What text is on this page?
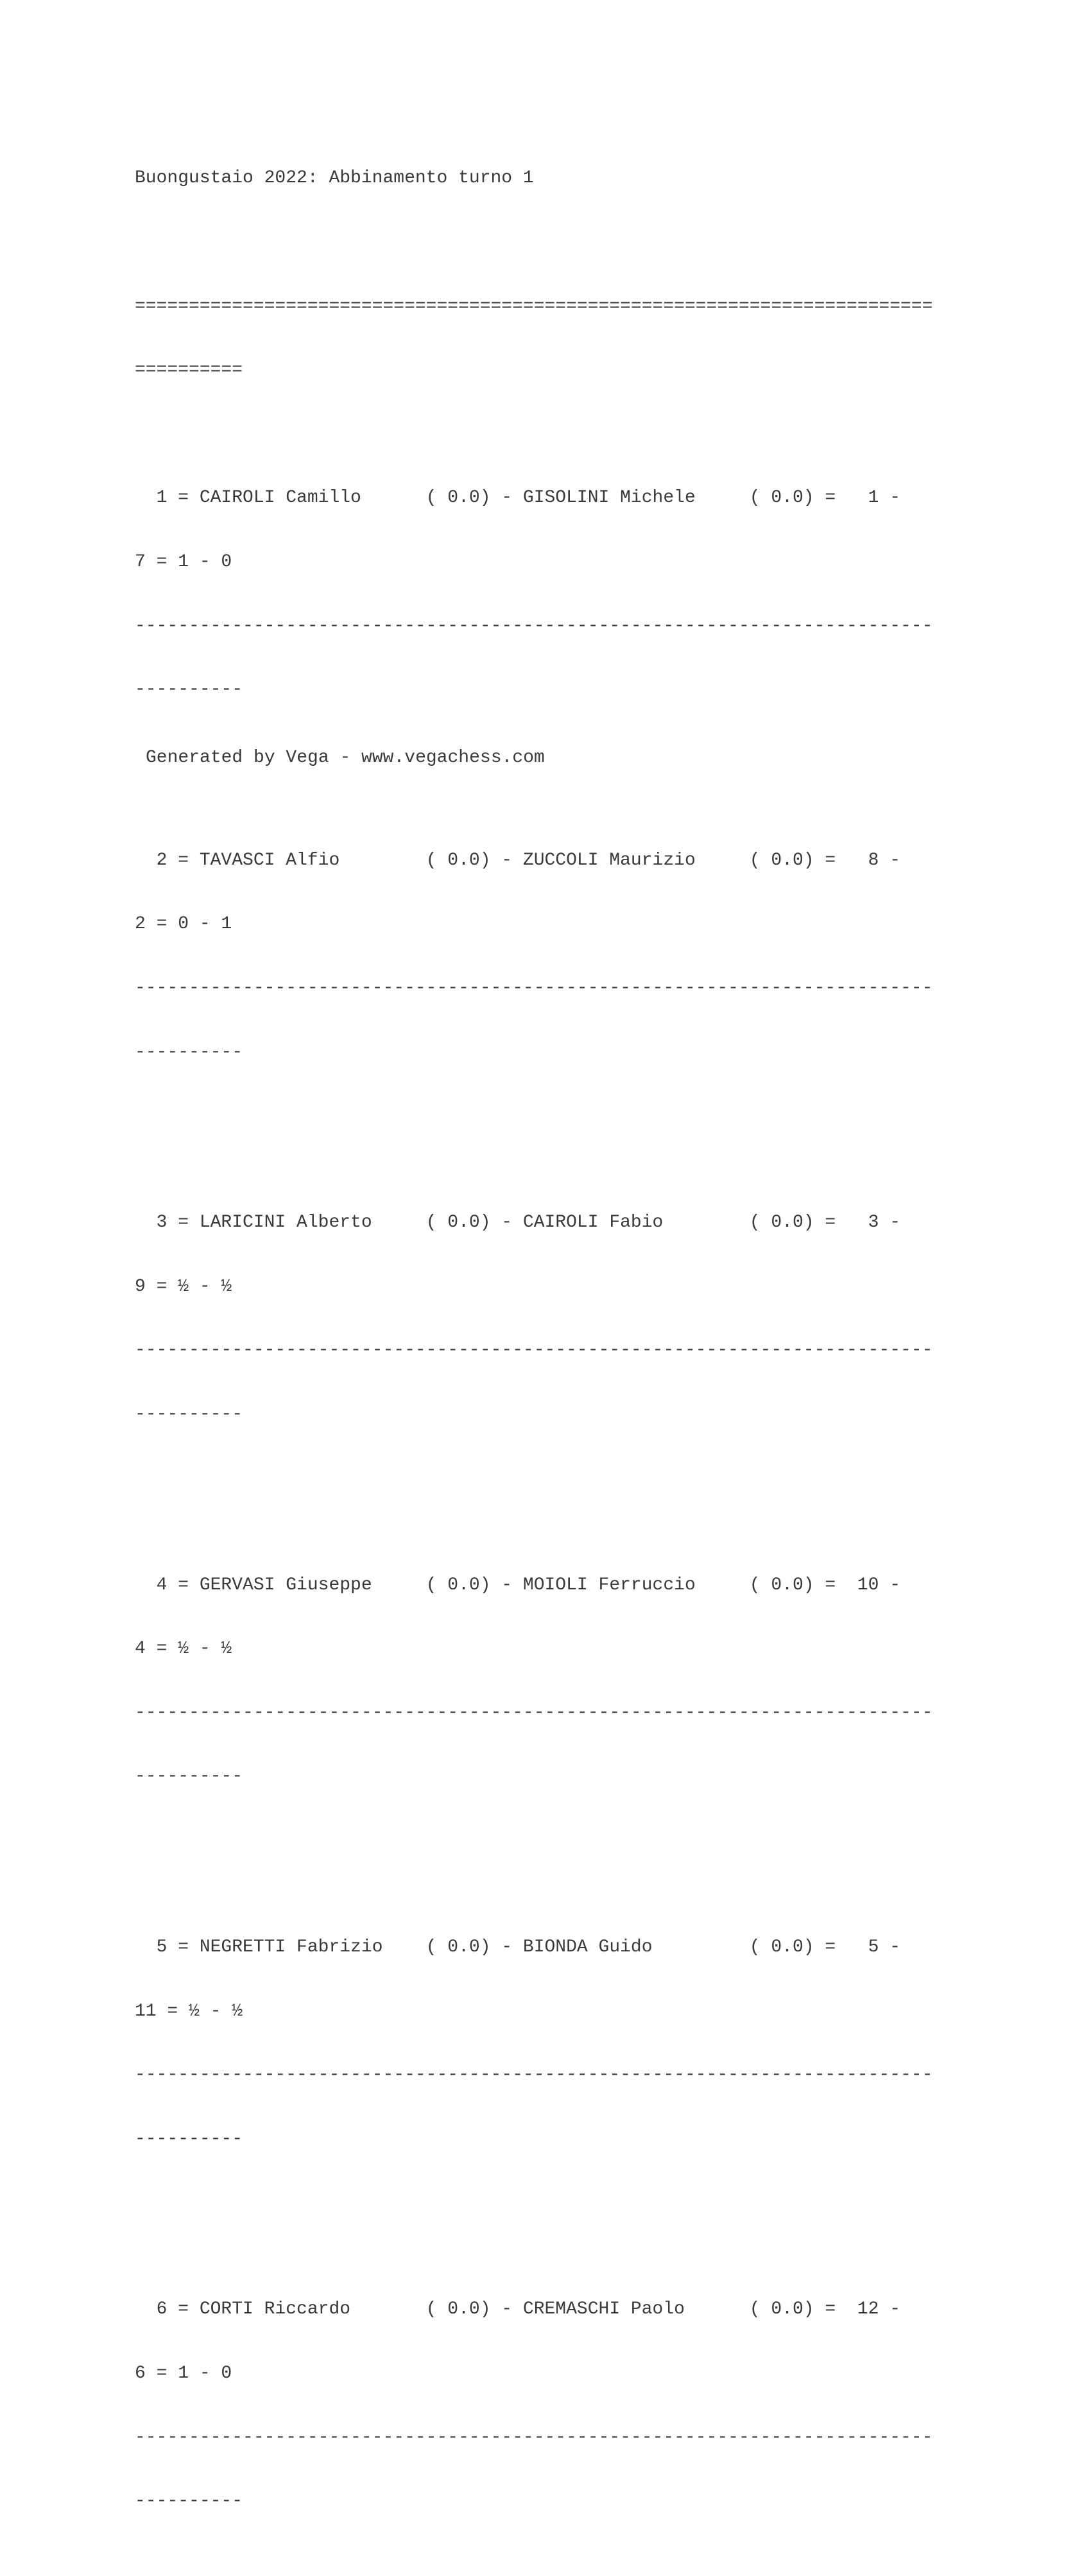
Buongustaio 2022: Abbinamento turno 1

==========================================================================

==========

1 = CAIROLI Camillo      ( 0.0) - GISOLINI Michele     ( 0.0) =   1 -

7 = 1 - 0

--------------------------------------------------------------------------

----------

2 = TAVASCI Alfio        ( 0.0) - ZUCCOLI Maurizio     ( 0.0) =   8 -

2 = 0 - 1

--------------------------------------------------------------------------

----------

3 = LARICINI Alberto     ( 0.0) - CAIROLI Fabio        ( 0.0) =   3 -

9 = ½ - ½

--------------------------------------------------------------------------

----------

4 = GERVASI Giuseppe     ( 0.0) - MOIOLI Ferruccio     ( 0.0) =  10 -

4 = ½ - ½

--------------------------------------------------------------------------

----------

5 = NEGRETTI Fabrizio    ( 0.0) - BIONDA Guido         ( 0.0) =   5 -

11 = ½ - ½

--------------------------------------------------------------------------

----------

6 = CORTI Riccardo       ( 0.0) - CREMASCHI Paolo      ( 0.0) =  12 -

6 = 1 - 0

--------------------------------------------------------------------------

----------

Generated by Vega - www.vegachess.com
